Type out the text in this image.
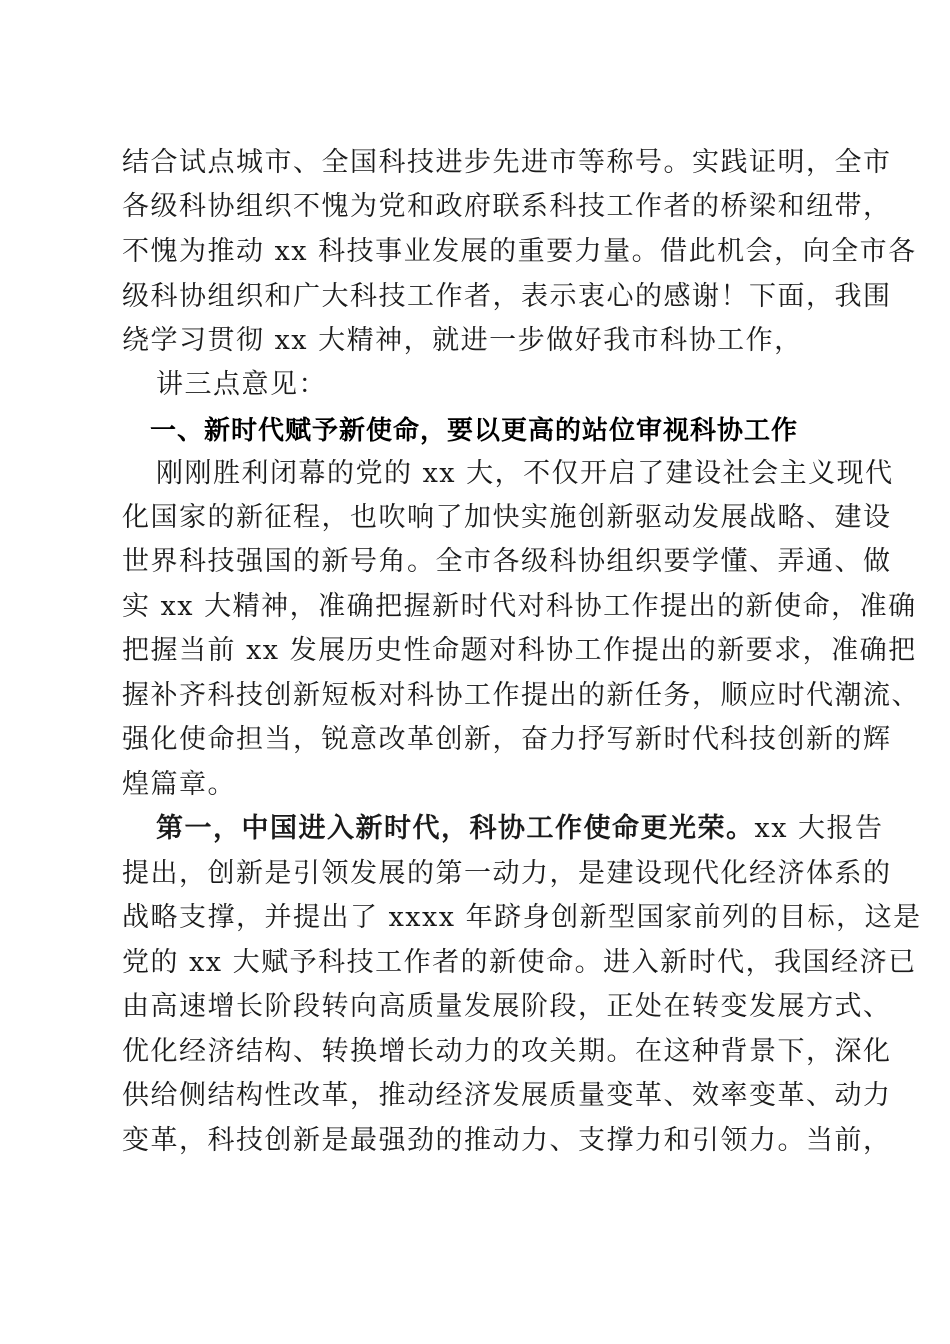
结合试点城市、全国科技进步先进市等称号。实践证明，全市
各级科协组织不愧为党和政府联系科技工作者的桥梁和纽带，
不愧为推动 xx 科技事业发展的重要力量。借此机会，向全市各
级科协组织和广大科技工作者，表示衷心的感谢！下面，我围
绕学习贯彻 xx 大精神，就进一步做好我市科协工作，
讲三点意见：
一、新时代赋予新使命，要以更高的站位审视科协工作
刚刚胜利闭幕的党的 xx 大，不仅开启了建设社会主义现代
化国家的新征程，也吹响了加快实施创新驱动发展战略、建设
世界科技强国的新号角。全市各级科协组织要学懂、弄通、做
实 xx 大精神，准确把握新时代对科协工作提出的新使命，准确
把握当前 xx 发展历史性命题对科协工作提出的新要求，准确把
握补齐科技创新短板对科协工作提出的新任务，顺应时代潮流、
强化使命担当，锐意改革创新，奋力抒写新时代科技创新的辉
煌篇章。
第一，中国进入新时代，科协工作使命更光荣。xx 大报告
提出，创新是引领发展的第一动力，是建设现代化经济体系的
战略支撑，并提出了 xxxx 年跻身创新型国家前列的目标，这是
党的 xx 大赋予科技工作者的新使命。进入新时代，我国经济已
由高速增长阶段转向高质量发展阶段，正处在转变发展方式、
优化经济结构、转换增长动力的攻关期。在这种背景下，深化
供给侧结构性改革，推动经济发展质量变革、效率变革、动力
变革，科技创新是最强劲的推动力、支撑力和引领力。当前，
